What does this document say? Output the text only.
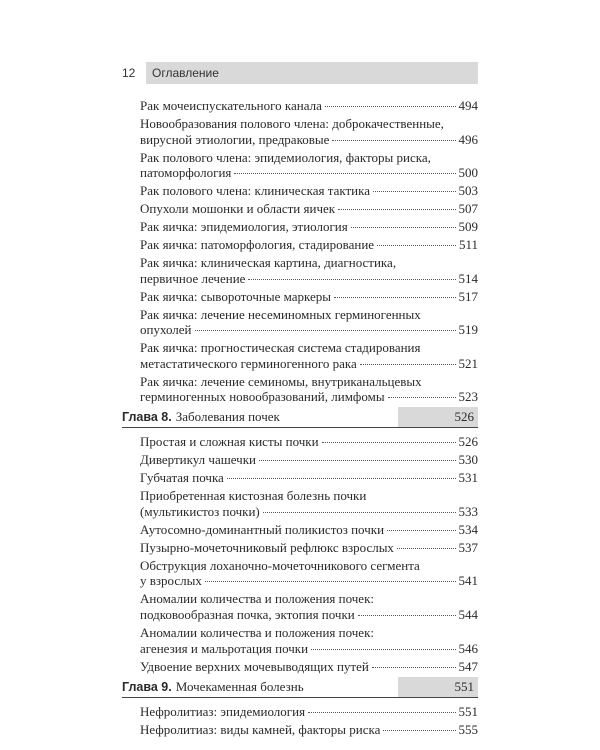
12	Оглавление
Рак мочеиспускательного канала	494
Новообразования полового члена: доброкачественные,
вирусной этиологии, предраковые	496
Рак полового члена: эпидемиология, факторы риска,
патоморфология	500
Рак полового члена: клиническая тактика	503
Опухоли мошонки и области яичек	507
Рак яичка: эпидемиология, этиология	509
Рак яичка: патоморфология, стадирование	511
Рак яичка: клиническая картина, диагностика,
первичное лечение	514
Рак яичка: сывороточные маркеры	517
Рак яичка: лечение несеминомных герминогенных
опухолей	519
Рак яичка: прогностическая система стадирования
метастатического герминогенного рака	521
Рак яичка: лечение семиномы, внутриканальцевых
герминогенных новообразований, лимфомы	523
Глава 8. Заболевания почек	526
Простая и сложная кисты почки	526
Дивертикул чашечки	530
Губчатая почка	531
Приобретенная кистозная болезнь почки
(мультикистоз почки)	533
Аутосомно-доминантный поликистоз почки	534
Пузырно-мочеточниковый рефлюкс взрослых	537
Обструкция лоханочно-мочеточникового сегмента
у взрослых	541
Аномалии количества и положения почек:
подковообразная почка, эктопия почки	544
Аномалии количества и положения почек:
агенезия и мальротация почки	546
Удвоение верхних мочевыводящих путей	547
Глава 9. Мочекаменная болезнь	551
Нефролитиаз: эпидемиология	551
Нефролитиаз: виды камней, факторы риска	555
